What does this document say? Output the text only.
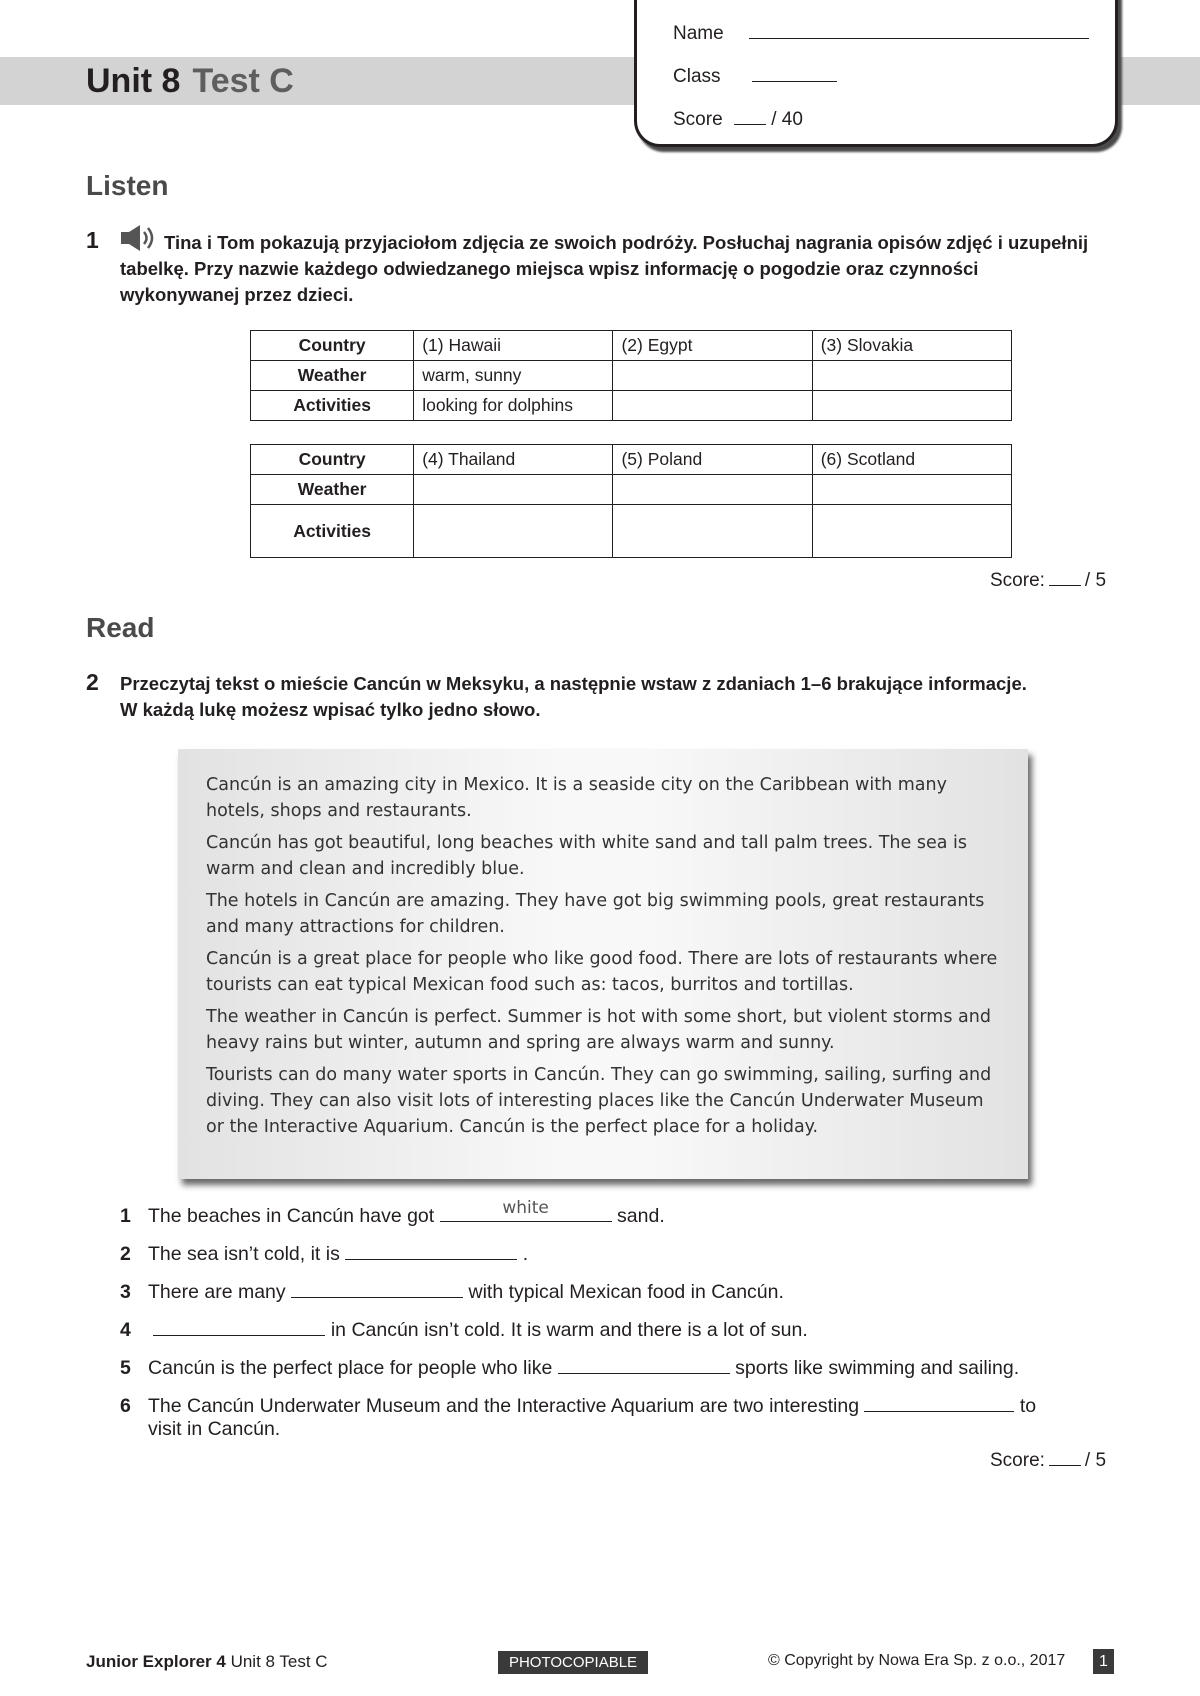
Unit 8 Test C
Name
Class
Score	/ 40
Listen
1	Tina i Tom pokazują przyjaciołom zdjęcia ze swoich podróży. Posłuchaj nagrania opisów zdjęć i uzupełnij tabelkę. Przy nazwie każdego odwiedzanego miejsca wpisz informację o pogodzie oraz czynności wykonywanej przez dzieci.
Country	(1) Hawaii	(2) Egypt	(3) Slovakia
Weather	warm, sunny		
Activities	looking for dolphins		
Country	(4) Thailand	(5) Poland	(6) Scotland
Weather			
Activities			
Score: / 5
Read
2 Przeczytaj tekst o mieście Cancún w Meksyku, a następnie wstaw z zdaniach 1–6 brakujące informacje. W każdą lukę możesz wpisać tylko jedno słowo.
Cancún is an amazing city in Mexico. It is a seaside city on the Caribbean with many hotels, shops and restaurants.
Cancún has got beautiful, long beaches with white sand and tall palm trees. The sea is warm and clean and incredibly blue.
The hotels in Cancún are amazing. They have got big swimming pools, great restaurants and many attractions for children.
Cancún is a great place for people who like good food. There are lots of restaurants where tourists can eat typical Mexican food such as: tacos, burritos and tortillas.
The weather in Cancún is perfect. Summer is hot with some short, but violent storms and heavy rains but winter, autumn and spring are always warm and sunny.
Tourists can do many water sports in Cancún. They can go swimming, sailing, surfing and diving. They can also visit lots of interesting places like the Cancún Underwater Museum or the Interactive Aquarium. Cancún is the perfect place for a holiday.
1 The beaches in Cancún have got	white	sand.
2 The sea isn’t cold, it is	.
3 There are many	with typical Mexican food in Cancún.
4	in Cancún isn’t cold. It is warm and there is a lot of sun.
5 Cancún is the perfect place for people who like	sports like swimming and sailing.
6 The Cancún Underwater Museum and the Interactive Aquarium are two interesting	to
visit in Cancún.
Score: / 5
Junior Explorer 4 Unit 8 Test C	PHOTOCOPIABLE	© Copyright by Nowa Era Sp. z o.o., 2017	1
